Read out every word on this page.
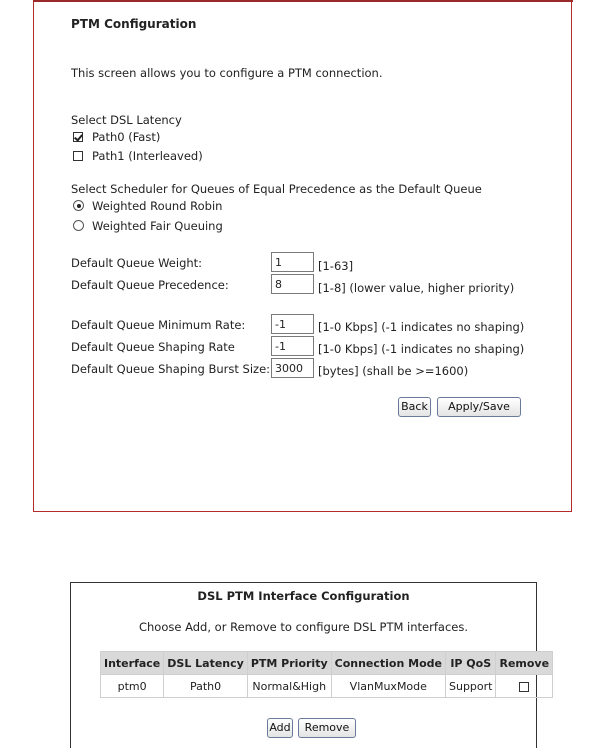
PTM Configuration
This screen allows you to configure a PTM connection.
Select DSL Latency
Path0 (Fast)
Path1 (Interleaved)
Select Scheduler for Queues of Equal Precedence as the Default Queue
Weighted Round Robin
Weighted Fair Queuing
Default Queue Weight:
1	[1-63]
Default Queue Precedence:
8	[1-8] (lower value, higher priority)
Default Queue Minimum Rate:
-1	[1-0 Kbps] (-1 indicates no shaping)
Default Queue Shaping Rate
-1	[1-0 Kbps] (-1 indicates no shaping)
Default Queue Shaping Burst Size:
3000	[bytes] (shall be >=1600)
Back	Apply/Save
DSL PTM Interface Configuration
Choose Add, or Remove to configure DSL PTM interfaces.
Interface	DSL Latency	PTM Priority	Connection Mode	IP QoS	Remove
ptm0	Path0	Normal&High	VlanMuxMode	Support	
Add	Remove
